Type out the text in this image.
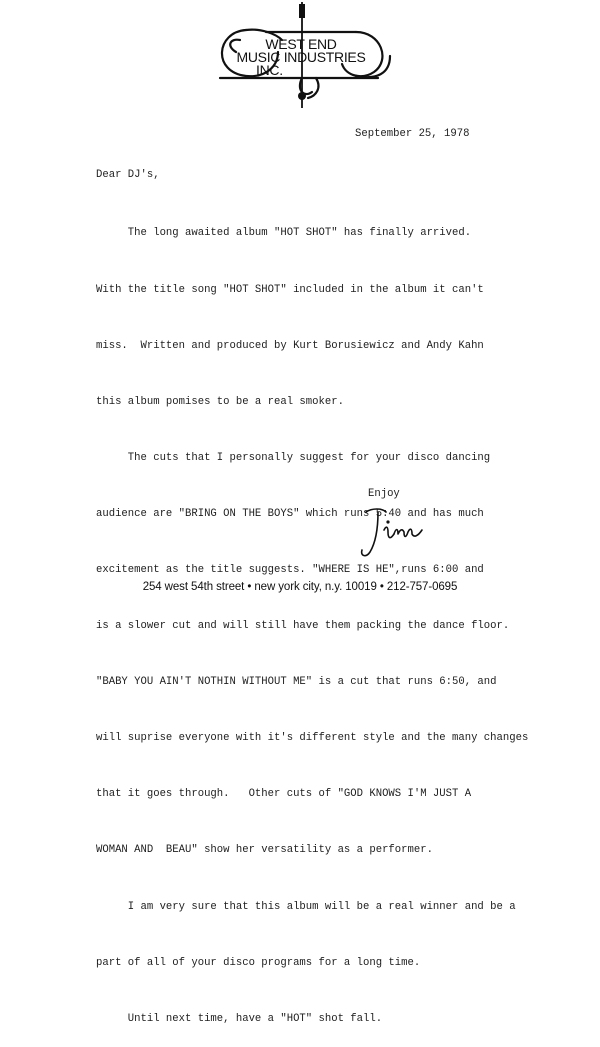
WEST END
MUSIC INDUSTRIES
INC.
September 25, 1978
Dear DJ's,

The long awaited album "HOT SHOT" has finally arrived.

With the title song "HOT SHOT" included in the album it can't

miss.  Written and produced by Kurt Borusiewicz and Andy Kahn

this album pomises to be a real smoker.

The cuts that I personally suggest for your disco dancing

audience are "BRING ON THE BOYS" which runs 5:40 and has much

excitement as the title suggests. "WHERE IS HE",runs 6:00 and

is a slower cut and will still have them packing the dance floor.

"BABY YOU AIN'T NOTHIN WITHOUT ME" is a cut that runs 6:50, and

will suprise everyone with it's different style and the many changes

that it goes through.   Other cuts of "GOD KNOWS I'M JUST A

WOMAN AND  BEAU" show her versatility as a performer.

I am very sure that this album will be a real winner and be a

part of all of your disco programs for a long time.

Until next time, have a "HOT" shot fall.

Enjoy
254 west 54th street • new york city, n.y. 10019 • 212-757-0695
